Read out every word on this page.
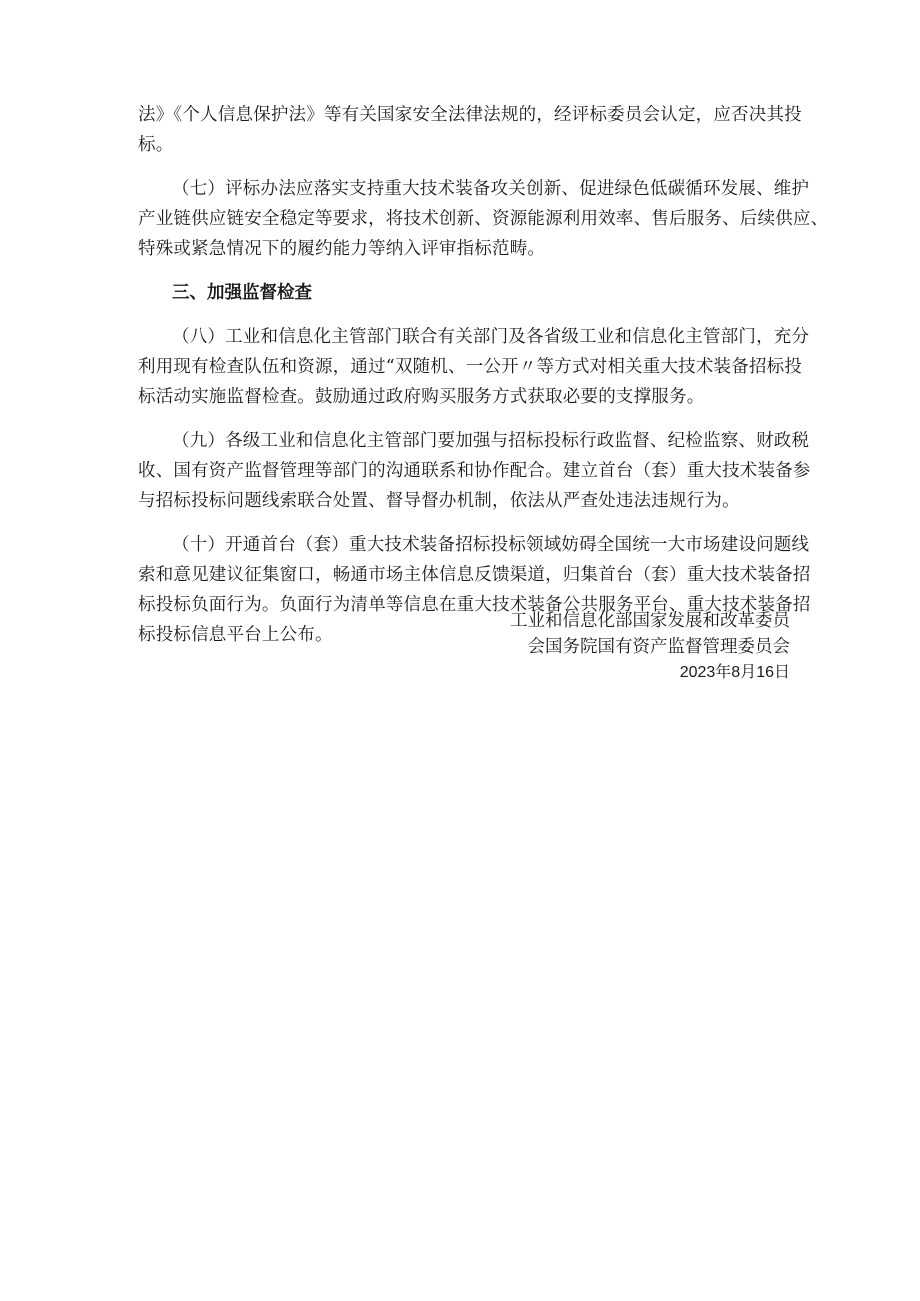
法》《个人信息保护法》等有关国家安全法律法规的，经评标委员会认定，应否决其投
标。

（七）评标办法应落实支持重大技术装备攻关创新、促进绿色低碳循环发展、维护
产业链供应链安全稳定等要求，将技术创新、资源能源利用效率、售后服务、后续供应、
特殊或紧急情况下的履约能力等纳入评审指标范畴。

三、加强监督检查

（八）工业和信息化主管部门联合有关部门及各省级工业和信息化主管部门，充分
利用现有检查队伍和资源，通过“双随机、一公开〃等方式对相关重大技术装备招标投
标活动实施监督检查。鼓励通过政府购买服务方式获取必要的支撑服务。

（九）各级工业和信息化主管部门要加强与招标投标行政监督、纪检监察、财政税
收、国有资产监督管理等部门的沟通联系和协作配合。建立首台（套）重大技术装备参
与招标投标问题线索联合处置、督导督办机制，依法从严查处违法违规行为。

（十）开通首台（套）重大技术装备招标投标领域妨碍全国统一大市场建设问题线
索和意见建议征集窗口，畅通市场主体信息反馈渠道，归集首台（套）重大技术装备招
标投标负面行为。负面行为清单等信息在重大技术装备公共服务平台、重大技术装备招
标投标信息平台上公布。

工业和信息化部国家发展和改革委员
会国务院国有资产监督管理委员会
2023年8月16日
